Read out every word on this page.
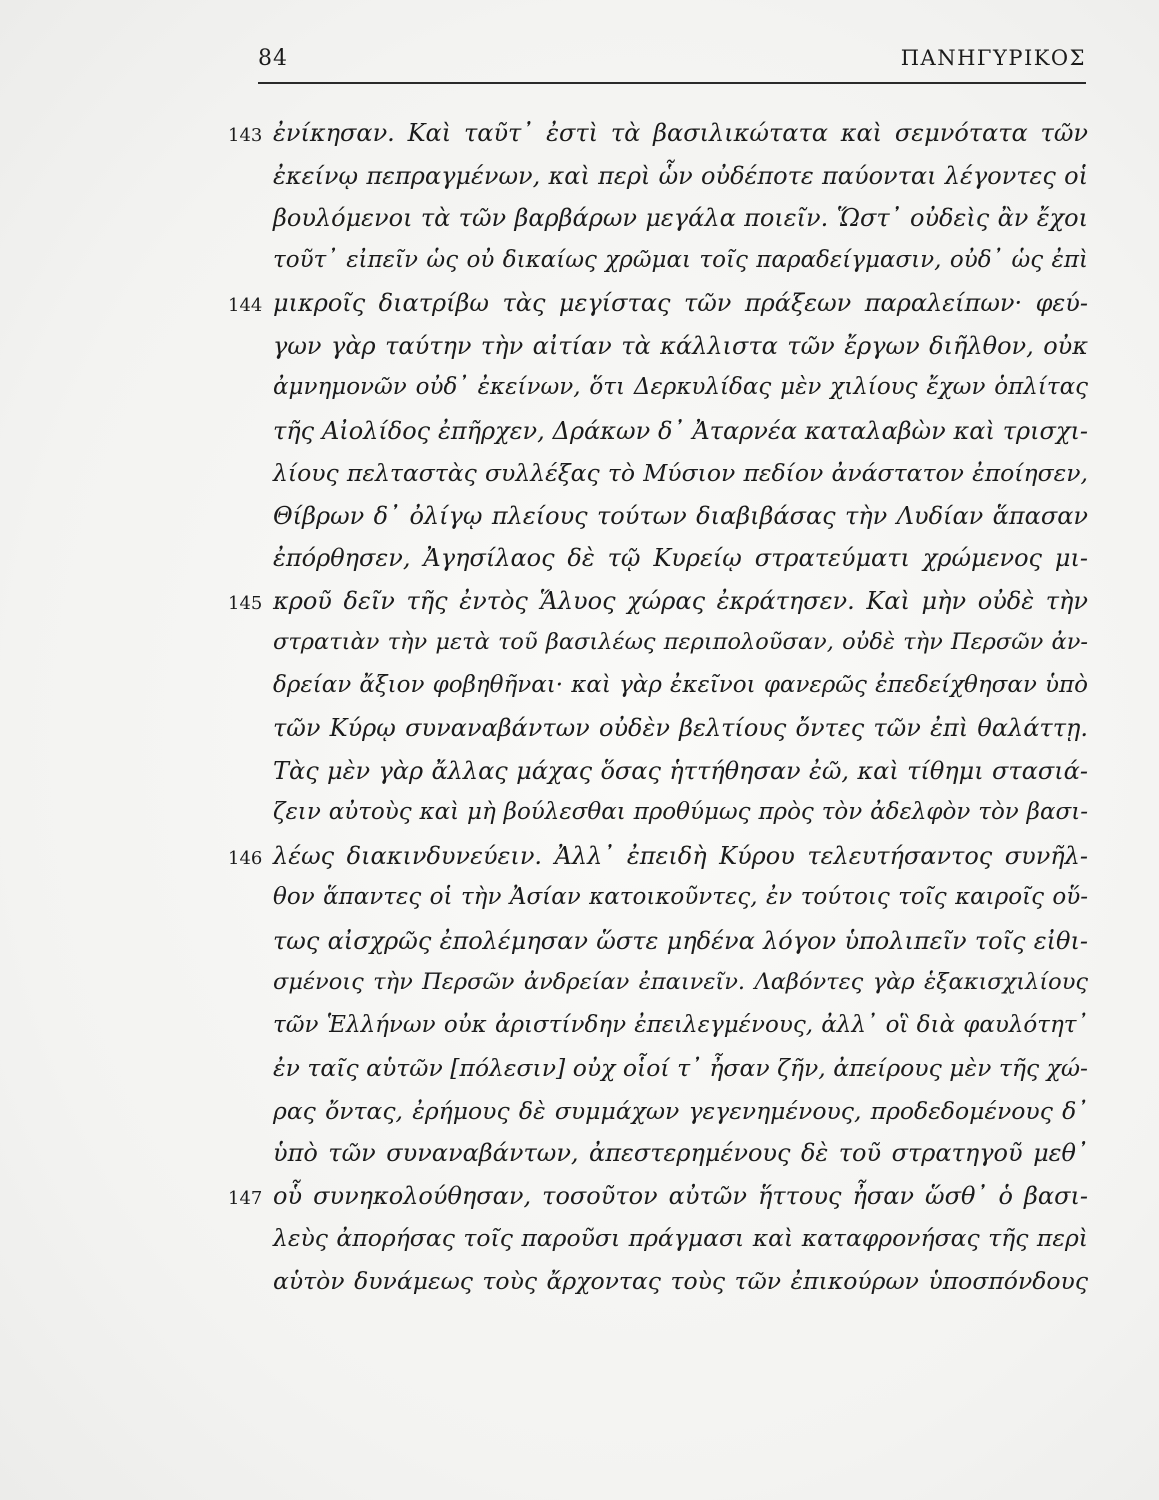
84	ΠΑΝΗΓΥΡΙΚΟΣ
143 ἐνίκησαν. Καὶ ταῦτ᾽ ἐστὶ τὰ βασιλικώτατα καὶ σεμνότατα τῶν
ἐκείνῳ πεπραγμένων, καὶ περὶ ὧν οὐδέποτε παύονται λέγοντες οἱ
βουλόμενοι τὰ τῶν βαρβάρων μεγάλα ποιεῖν. Ὥστ᾽ οὐδεὶς ἂν ἔχοι
τοῦτ᾽ εἰπεῖν ὡς οὐ δικαίως χρῶμαι τοῖς παραδείγμασιν, οὐδ᾽ ὡς ἐπὶ
144 μικροῖς διατρίβω τὰς μεγίστας τῶν πράξεων παραλείπων· φεύ-
γων γὰρ ταύτην τὴν αἰτίαν τὰ κάλλιστα τῶν ἔργων διῆλθον, οὐκ
ἀμνημονῶν οὐδ᾽ ἐκείνων, ὅτι Δερκυλίδας μὲν χιλίους ἔχων ὁπλίτας
τῆς Αἰολίδος ἐπῆρχεν, Δράκων δ᾽ Ἀταρνέα καταλαβὼν καὶ τρισχι-
λίους πελταστὰς συλλέξας τὸ Μύσιον πεδίον ἀνάστατον ἐποίησεν,
Θίβρων δ᾽ ὀλίγῳ πλείους τούτων διαβιβάσας τὴν Λυδίαν ἅπασαν
ἐπόρθησεν, Ἀγησίλαος δὲ τῷ Κυρείῳ στρατεύματι χρώμενος μι-
145 κροῦ δεῖν τῆς ἐντὸς Ἅλυος χώρας ἐκράτησεν. Καὶ μὴν οὐδὲ τὴν
στρατιὰν τὴν μετὰ τοῦ βασιλέως περιπολοῦσαν, οὐδὲ τὴν Περσῶν ἀν-
δρείαν ἄξιον φοβηθῆναι· καὶ γὰρ ἐκεῖνοι φανερῶς ἐπεδείχθησαν ὑπὸ
τῶν Κύρῳ συναναβάντων οὐδὲν βελτίους ὄντες τῶν ἐπὶ θαλάττῃ.
Τὰς μὲν γὰρ ἄλλας μάχας ὅσας ἡττήθησαν ἐῶ, καὶ τίθημι στασιά-
ζειν αὐτοὺς καὶ μὴ βούλεσθαι προθύμως πρὸς τὸν ἀδελφὸν τὸν βασι-
146 λέως διακινδυνεύειν. Ἀλλ᾽ ἐπειδὴ Κύρου τελευτήσαντος συνῆλ-
θον ἅπαντες οἱ τὴν Ἀσίαν κατοικοῦντες, ἐν τούτοις τοῖς καιροῖς οὕ-
τως αἰσχρῶς ἐπολέμησαν ὥστε μηδένα λόγον ὑπολιπεῖν τοῖς εἰθι-
σμένοις τὴν Περσῶν ἀνδρείαν ἐπαινεῖν. Λαβόντες γὰρ ἑξακισχιλίους
τῶν Ἑλλήνων οὐκ ἀριστίνδην ἐπειλεγμένους, ἀλλ᾽ οἳ διὰ φαυλότητ᾽
ἐν ταῖς αὑτῶν [πόλεσιν] οὐχ οἷοί τ᾽ ἦσαν ζῆν, ἀπείρους μὲν τῆς χώ-
ρας ὄντας, ἐρήμους δὲ συμμάχων γεγενημένους, προδεδομένους δ᾽
ὑπὸ τῶν συναναβάντων, ἀπεστερημένους δὲ τοῦ στρατηγοῦ μεθ᾽
147 οὗ συνηκολούθησαν, τοσοῦτον αὐτῶν ἥττους ἦσαν ὥσθ᾽ ὁ βασι-
λεὺς ἀπορήσας τοῖς παροῦσι πράγμασι καὶ καταφρονήσας τῆς περὶ
αὑτὸν δυνάμεως τοὺς ἄρχοντας τοὺς τῶν ἐπικούρων ὑποσπόνδους
